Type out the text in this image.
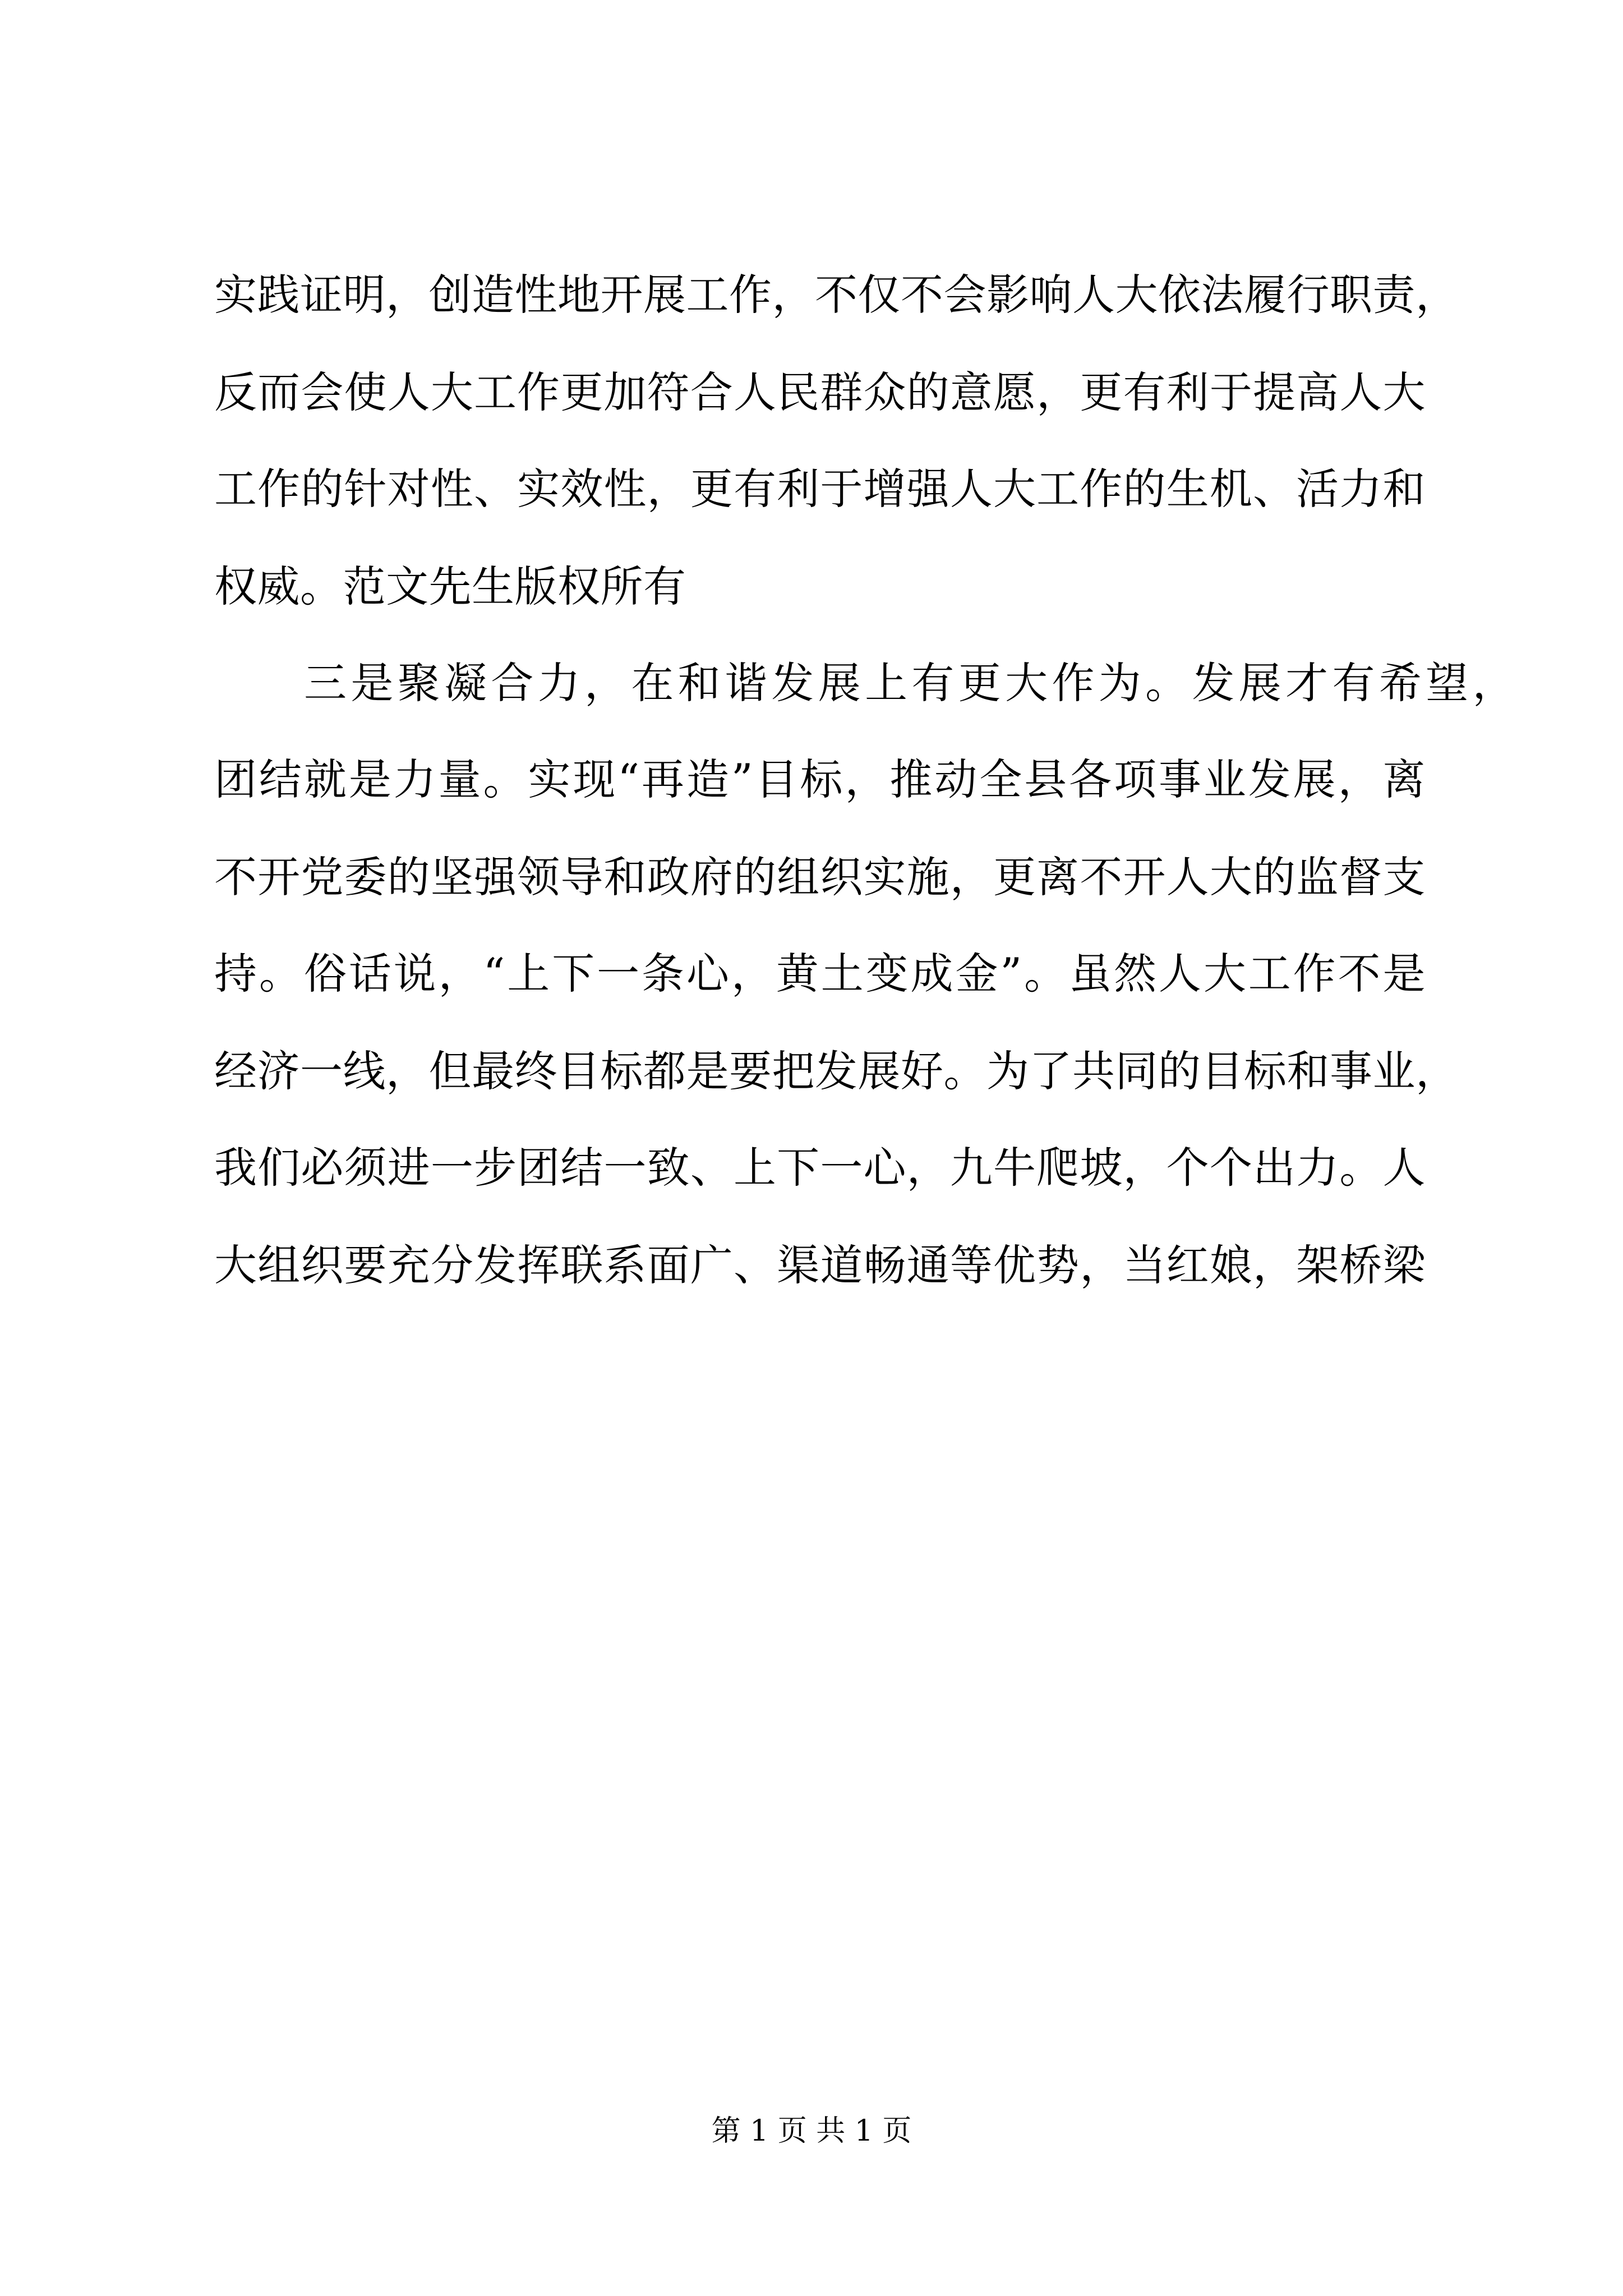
实践证明，创造性地开展工作，不仅不会影响人大依法履行职责，
反而会使人大工作更加符合人民群众的意愿，更有利于提高人大
工作的针对性、实效性，更有利于增强人大工作的生机、活力和
权威。范文先生版权所有
三是聚凝合力，在和谐发展上有更大作为。发展才有希望，
团结就是力量。实现“再造”目标，推动全县各项事业发展，离
不开党委的坚强领导和政府的组织实施，更离不开人大的监督支
持。俗话说，“上下一条心，黄土变成金”。虽然人大工作不是
经济一线，但最终目标都是要把发展好。为了共同的目标和事业，
我们必须进一步团结一致、上下一心，九牛爬坡，个个出力。人
大组织要充分发挥联系面广、渠道畅通等优势，当红娘，架桥梁
第 1 页 共 1 页
